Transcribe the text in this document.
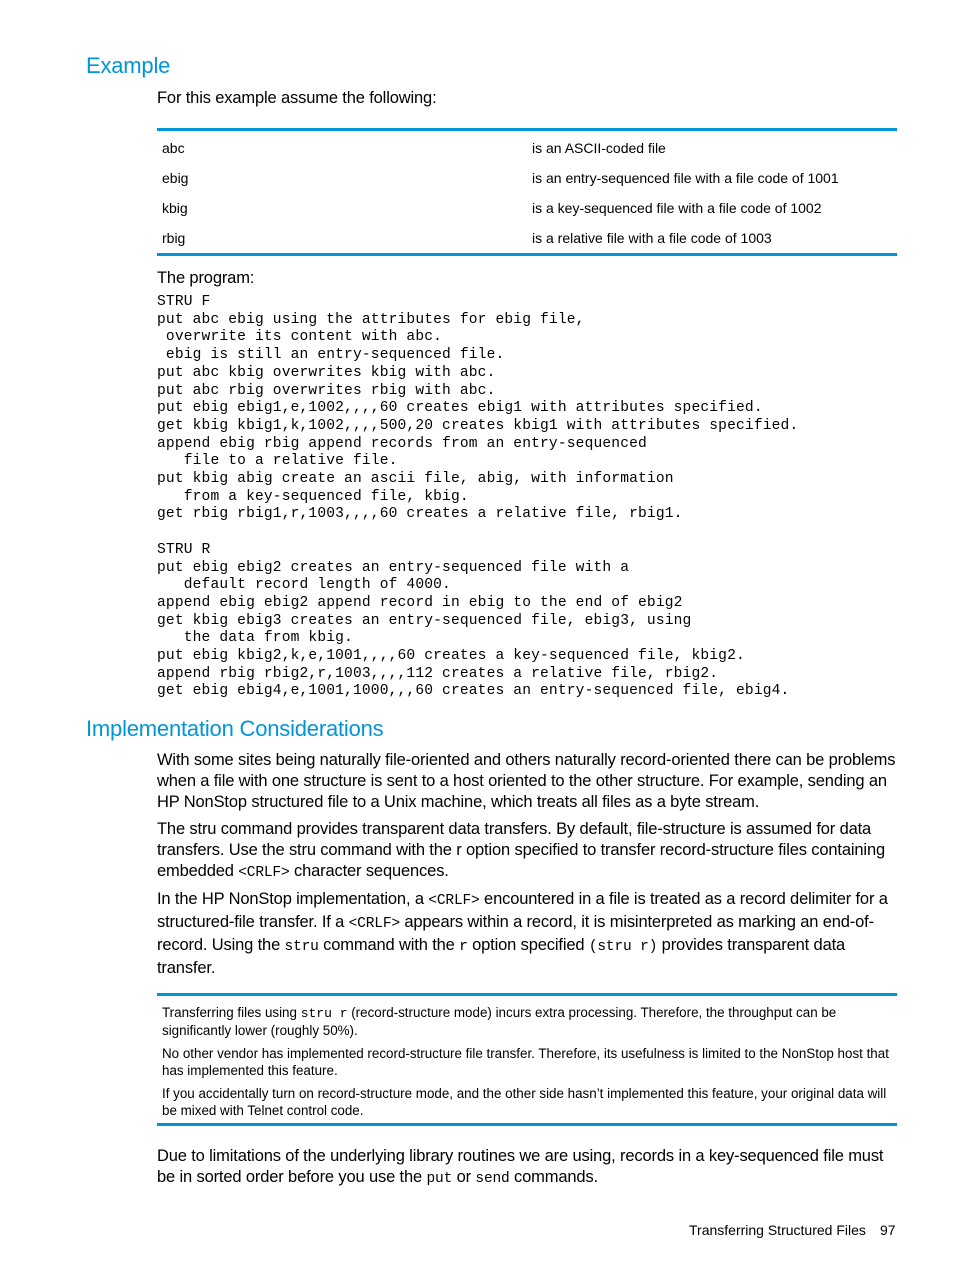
Example
For this example assume the following:
abc	is an ASCII-coded file
ebig	is an entry-sequenced file with a file code of 1001
kbig	is a key-sequenced file with a file code of 1002
rbig	is a relative file with a file code of 1003
The program:
STRU F
put abc ebig using the attributes for ebig file,
overwrite its content with abc.
ebig is still an entry-sequenced file.
put abc kbig overwrites kbig with abc.
put abc rbig overwrites rbig with abc.
put ebig ebig1,e,1002,,,,60 creates ebig1 with attributes specified.
get kbig kbig1,k,1002,,,,500,20 creates kbig1 with attributes specified.
append ebig rbig append records from an entry-sequenced
file to a relative file.
put kbig abig create an ascii file, abig, with information
from a key-sequenced file, kbig.
get rbig rbig1,r,1003,,,,60 creates a relative file, rbig1.

STRU R
put ebig ebig2 creates an entry-sequenced file with a
default record length of 4000.
append ebig ebig2 append record in ebig to the end of ebig2
get kbig ebig3 creates an entry-sequenced file, ebig3, using
the data from kbig.
put ebig kbig2,k,e,1001,,,,60 creates a key-sequenced file, kbig2.
append rbig rbig2,r,1003,,,,112 creates a relative file, rbig2.
get ebig ebig4,e,1001,1000,,,60 creates an entry-sequenced file, ebig4.
Implementation Considerations
With some sites being naturally file-oriented and others naturally record-oriented there can be problems when a file with one structure is sent to a host oriented to the other structure. For example, sending an HP NonStop structured file to a Unix machine, which treats all files as a byte stream.
The stru command provides transparent data transfers. By default, file-structure is assumed for data transfers. Use the stru command with the r option specified to transfer record-structure files containing embedded <CRLF> character sequences.
In the HP NonStop implementation, a <CRLF> encountered in a file is treated as a record delimiter for a structured-file transfer. If a <CRLF> appears within a record, it is misinterpreted as marking an end-of-record. Using the stru command with the r option specified (stru r) provides transparent data transfer.

Transferring files using stru r (record-structure mode) incurs extra processing. Therefore, the throughput can be significantly lower (roughly 50%).

No other vendor has implemented record-structure file transfer. Therefore, its usefulness is limited to the NonStop host that has implemented this feature.

If you accidentally turn on record-structure mode, and the other side hasn’t implemented this feature, your original data will be mixed with Telnet control code.

Due to limitations of the underlying library routines we are using, records in a key-sequenced file must be in sorted order before you use the put or send commands.
Transferring Structured Files 97
